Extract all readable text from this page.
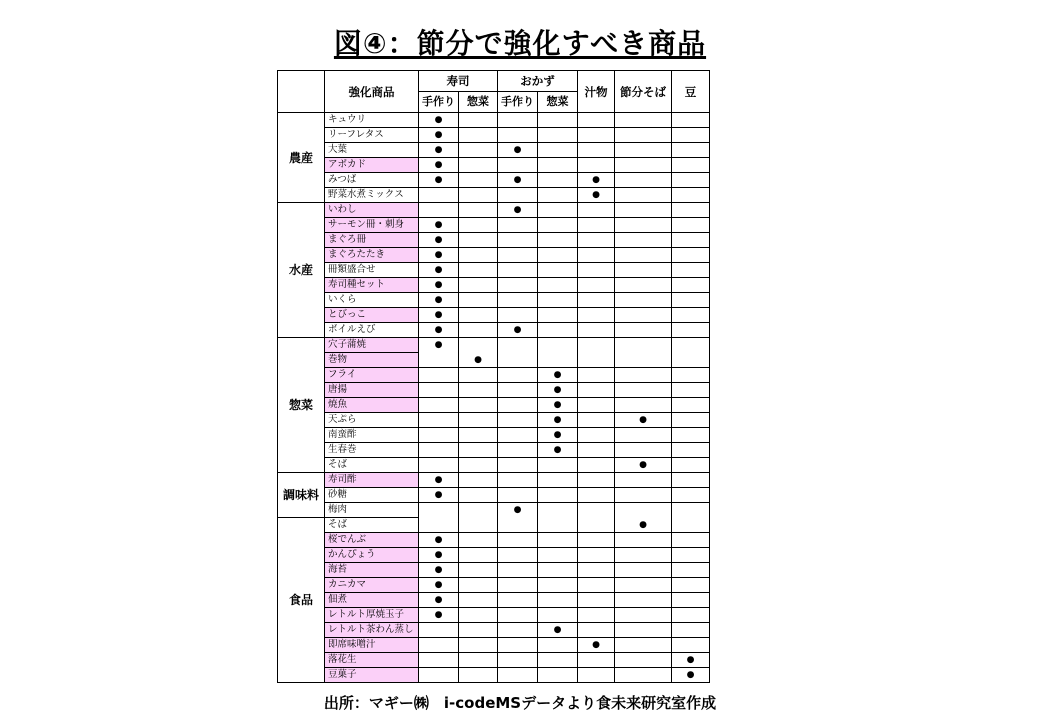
図④：節分で強化すべき商品
	強化商品	寿司		おかず		汁物	節分そば	豆
		手作り	惣菜	手作り	惣菜			
農産	キュウリ	●						
	リーフレタス	●						
	大葉	●		●				
	アボカド	●						
	みつば	●		●		●		
	野菜水煮ミックス					●		
水産	いわし			●				
	サーモン冊・刺身	●						
	まぐろ冊	●						
	まぐろたたき	●						
	冊類盛合せ	●						
	寿司種セット	●						
	いくら	●						
	とびっこ	●						
	ボイルえび	●		●				
惣菜	穴子蒲焼	●						
	巻物		●					
	フライ				●			
	唐揚				●			
	焼魚				●			
	天ぷら				●		●	
	南蛮酢				●			
	生春巻				●			
	そば						●	
調味料	寿司酢	●						
	砂糖	●						
	梅肉			●				
食品	そば						●	
	桜でんぶ	●						
	かんぴょう	●						
	海苔	●						
	カニカマ	●						
	佃煮	●						
	レトルト厚焼玉子	●						
	レトルト茶わん蒸し				●			
	即席味噌汁					●		
	落花生							●
	豆菓子							●
出所：マギー㈱　i-codeMSデータより食未来研究室作成
